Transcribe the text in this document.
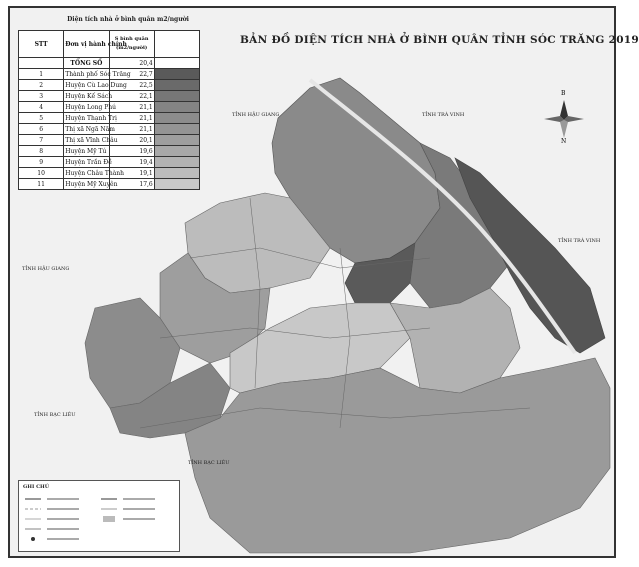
BẢN ĐỒ DIỆN TÍCH NHÀ Ở BÌNH QUÂN TỈNH SÓC TRĂNG 2019
Diện tích nhà ở bình quân m2/người
STT	Đơn vị hành chính	S bình quân (m2/người)	
	TỔNG SỐ	20,4	

1	Thành phố Sóc Trăng	22,7	

2	Huyện Cù Lao Dung	22,5	

3	Huyện Kế Sách	22,1	

4	Huyện Long Phú	21,1	

5	Huyện Thạnh Trị	21,1	

6	Thị xã Ngã Năm	21,1	

7	Thị xã Vĩnh Châu	20,1	

8	Huyện Mỹ Tú	19,6	

9	Huyện Trần Đề	19,4	

10	Huyện Châu Thành	19,1	

11	Huyện Mỹ Xuyên	17,6	
TỈNH HẬU GIANG	TỈNH TRÀ VINH
TỈNH TRÀ VINH
TỈNH HẬU GIANG
TỈNH BẠC LIÊU
TỈNH BẠC LIÊU
B
N
GHI CHÚ
